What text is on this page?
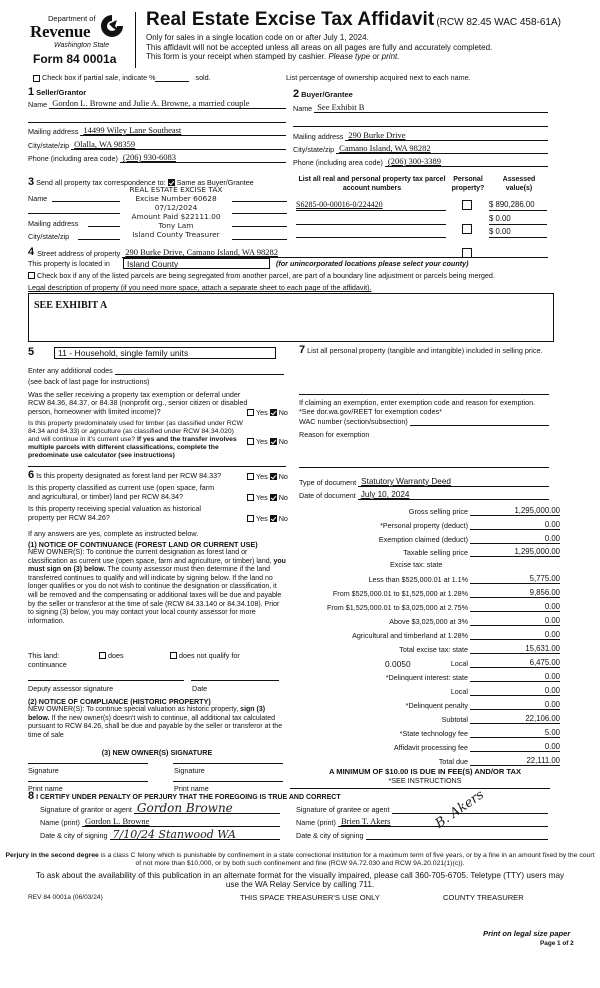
Department of
Revenue
Washington State
Form 84 0001a
Real Estate Excise Tax Affidavit (RCW 82.45 WAC 458-61A)
Only for sales in a single location code on or after July 1, 2024.
This affidavit will not be accepted unless all areas on all pages are fully and accurately completed.
This form is your receipt when stamped by cashier. Please type or print.
Check box if partial sale, indicate %	sold.	List percentage of ownership acquired next to each name.
1 Seller/Grantor
Name Gordon L. Browne and Julie A. Browne, a married couple
Mailing address 14499 Wiley Lane Southeast
City/state/zip Olalla, WA 98359
Phone (including area code) (206) 930-6083
2 Buyer/Grantee
Name See Exhibit B
Mailing address 290 Burke Drive
City/state/zip Camano Island, WA 98282
Phone (including area code) (206) 300-3389
3 Send all property tax correspondence to: Same as Buyer/Grantee
Name
Mailing address
City/state/zip
REAL ESTATE EXCISE TAX
Excise Number 60628
07/12/2024
Amount Paid $22111.00
Tony Lam
Island County Treasurer
List all real and personal property tax parcel account numbers
Personal property?
Assessed value(s)
S6285-00-00016-0/224420	$ 890,286.00
$ 0.00
$ 0.00
4 Street address of property 290 Burke Drive, Camano Island, WA 98282
This property is located in	Island County	(for unincorporated locations please select your county)
Check box if any of the listed parcels are being segregated from another parcel, are part of a boundary line adjustment or parcels being merged.
Legal description of property (if you need more space, attach a separate sheet to each page of the affidavit).
SEE EXHIBIT A
5	11 - Household, single family units
Enter any additional codes
(see back of last page for instructions)
Was the seller receiving a property tax exemption or deferral under RCW 84.36, 84.37, or 84.38 (nonprofit org., senior citizen or disabled person, homeowner with limited income)?	Yes No
Is this property predominately used for timber (as classified under RCW 84.34 and 84.33) or agriculture (as classified under RCW 84.34.020) and will continue in it's current use? If yes and the transfer involves multiple parcels with different classifications, complete the predominate use calculator (see instructions)
Yes No
7 List all personal property (tangible and intangible) included in selling price.
If claiming an exemption, enter exemption code and reason for exemption. *See dor.wa.gov/REET for exemption codes*
WAC number (section/subsection)
Reason for exemption
6 Is this property designated as forest land per RCW 84.33?	Yes No
Is this property classified as current use (open space, farm and agricultural, or timber) land per RCW 84.34?	Yes No
Is this property receiving special valuation as historical property per RCW 84.26?	Yes No
If any answers are yes, complete as instructed below.
(1) NOTICE OF CONTINUANCE (FOREST LAND OR CURRENT USE)
NEW OWNER(S): To continue the current designation as forest land or classification as current use (open space, farm and agriculture, or timber) land, you must sign on (3) below. The county assessor must then determine if the land transferred continues to qualify and will indicate by signing below. If the land no longer qualifies or you do not wish to continue the designation or classification, it will be removed and the compensating or additional taxes will be due and payable by the seller or transferor at the time of sale (RCW 84.33.140 or 84.34.108). Prior to signing (3) below, you may contact your local county assessor for more information.
This land:
continuance
does	does not qualify for
Deputy assessor signature	Date
(2) NOTICE OF COMPLIANCE (HISTORIC PROPERTY)
NEW OWNER(S): To continue special valuation as historic property, sign (3) below. If the new owner(s) doesn't wish to continue, all additional tax calculated pursuant to RCW 84.26, shall be due and payable by the seller or transferor at the time of sale
(3) NEW OWNER(S) SIGNATURE
Signature	Signature
Print name	Print name
Type of document Statutory Warranty Deed
Date of document July 10, 2024
Gross selling price	1,295,000.00
*Personal property (deduct)	0.00
Exemption claimed (deduct)	0.00
Taxable selling price	1,295,000.00
Excise tax: state
Less than $525,000.01 at 1.1%	5,775.00
From $525,000.01 to $1,525,000 at 1.28%	9,856.00
From $1,525,000.01 to $3,025,000 at 2.75%	0.00
Above $3,025,000 at 3%	0.00
Agricultural and timberland at 1.28%	0.00
Total excise tax: state	15,631.00
0.0050	Local	6,475.00
*Delinquent interest: state	0.00
Local	0.00
*Delinquent penalty	0.00
Subtotal	22,106.00
*State technology fee	5.00
Affidavit processing fee	0.00
Total due	22,111.00
A MINIMUM OF $10.00 IS DUE IN FEE(S) AND/OR TAX
*SEE INSTRUCTIONS
8 I CERTIFY UNDER PENALTY OF PERJURY THAT THE FOREGOING IS TRUE AND CORRECT
Signature of grantor or agent Gordon Browne
Name (print) Gordon L. Browne
Date & city of signing 7/10/24 Stanwood WA
Signature of grantee or agent	B. Akers
Name (print) Brien T. Akers
Date & city of signing
Perjury in the second degree is a class C felony which is punishable by confinement in a state correctional institution for a maximum term of five years, or by a fine in an amount fixed by the court of not more than $10,000, or by both such confinement and fine (RCW 9A.72.030 and RCW 9A.20.021(1)(c)).
To ask about the availability of this publication in an alternate format for the visually impaired, please call 360-705-6705. Teletype (TTY) users may use the WA Relay Service by calling 711.
REV 84 0001a (06/03/24)	THIS SPACE TREASURER'S USE ONLY	COUNTY TREASURER
Print on legal size paper
Page 1 of 2
